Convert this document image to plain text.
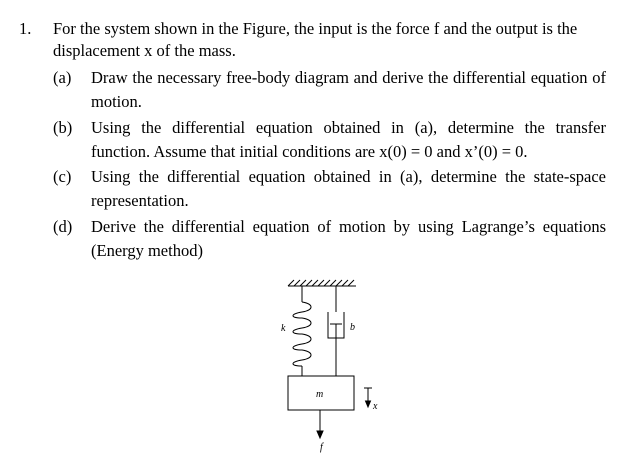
1. For the system shown in the Figure, the input is the force f and the output is the displacement x of the mass.
(a) Draw the necessary free-body diagram and derive the differential equation of motion.
(b) Using the differential equation obtained in (a), determine the transfer function. Assume that initial conditions are x(0) = 0 and x’(0) = 0.
(c) Using the differential equation obtained in (a), determine the state-space representation.
(d) Derive the differential equation of motion by using Lagrange’s equations (Energy method)
k	b
m
f
x
